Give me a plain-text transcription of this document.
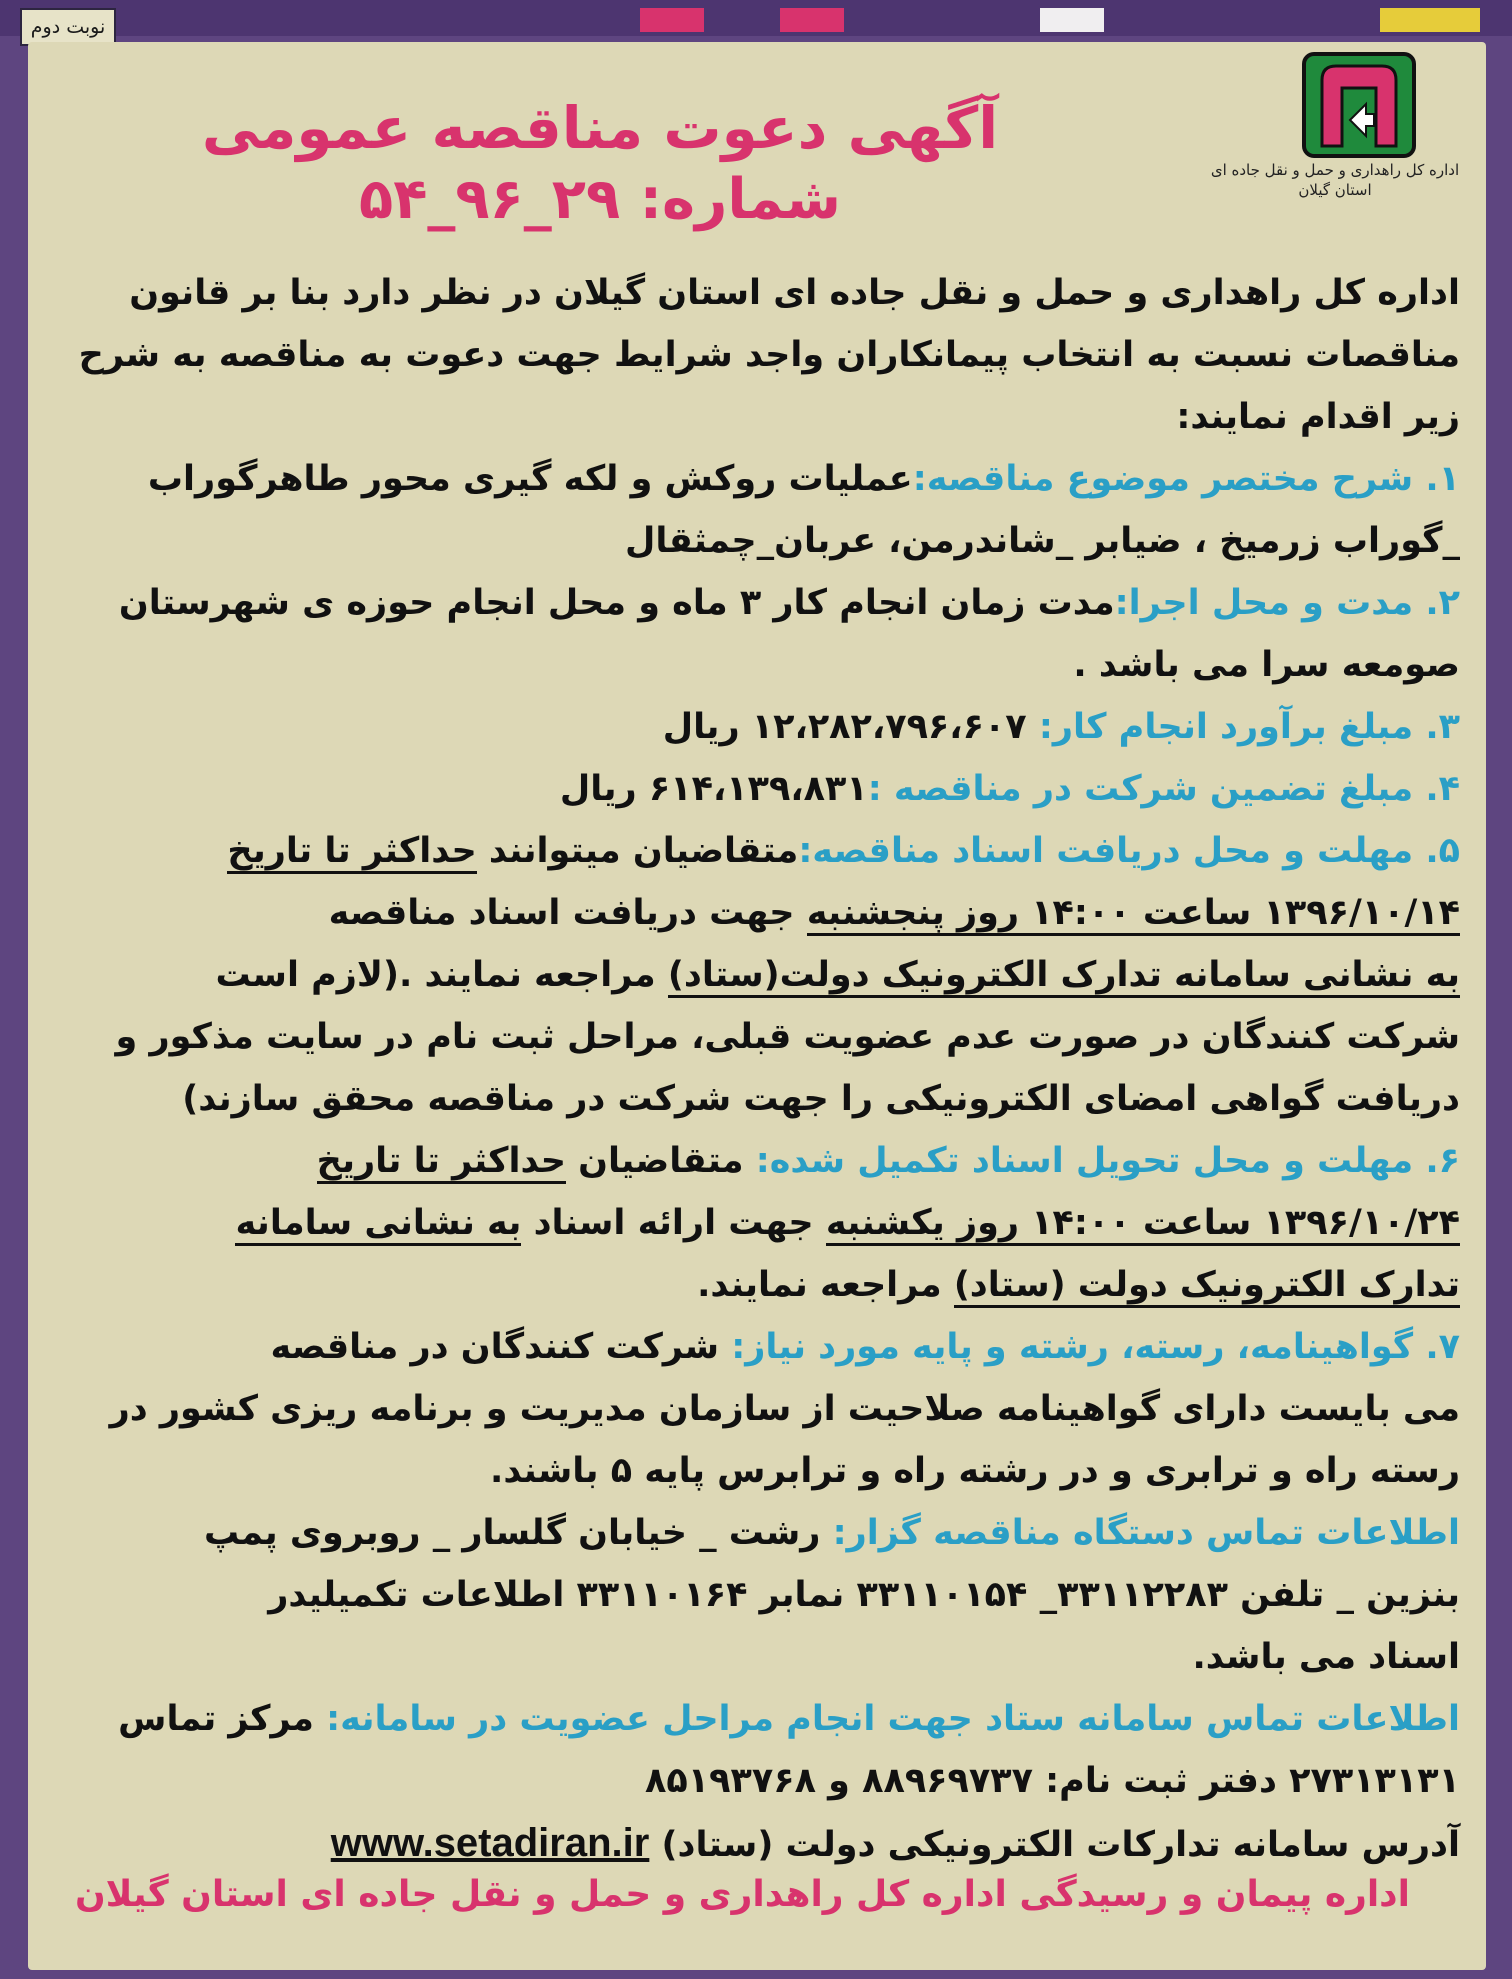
نوبت دوم
اداره کل راهداری و حمل و نقل جاده ای
استان گیلان
آگهی دعوت مناقصه عمومی
شماره: ۲۹_۹۶_۵۴

اداره کل راهداری و حمل و نقل جاده ای استان گیلان در نظر دارد بنا بر قانون

مناقصات نسبت به انتخاب پیمانکاران واجد شرایط جهت دعوت به مناقصه به شرح

زیر اقدام نمایند:

۱. شرح مختصر موضوع مناقصه:عملیات روکش و لکه گیری محور طاهرگوراب

_گوراب زرمیخ ، ضیابر _شاندرمن، عربان_چمثقال

۲. مدت و محل اجرا:مدت زمان انجام کار ۳ ماه و محل انجام حوزه ی شهرستان

صومعه سرا می باشد .

۳. مبلغ برآورد انجام کار: ۱۲،۲۸۲،۷۹۶،۶۰۷ ریال

۴. مبلغ تضمین شرکت در مناقصه :۶۱۴،۱۳۹،۸۳۱ ریال

۵. مهلت و محل دریافت اسناد مناقصه:متقاضیان میتوانند حداکثر تا تاریخ

۱۳۹۶/۱۰/۱۴ ساعت ۱۴:۰۰ روز پنجشنبه جهت دریافت اسناد مناقصه

به نشانی سامانه تدارک الکترونیک دولت(ستاد) مراجعه نمایند .(لازم است

شرکت کنندگان در صورت عدم عضویت قبلی، مراحل ثبت نام در سایت مذکور و

دریافت گواهی امضای الکترونیکی را جهت شرکت در مناقصه محقق سازند)

۶. مهلت و محل تحویل اسناد تکمیل شده: متقاضیان حداکثر تا تاریخ

۱۳۹۶/۱۰/۲۴ ساعت ۱۴:۰۰ روز یکشنبه جهت ارائه اسناد به نشانی سامانه

تدارک الکترونیک دولت (ستاد) مراجعه نمایند.

۷. گواهینامه، رسته، رشته و پایه مورد نیاز: شرکت کنندگان در مناقصه

می بایست دارای گواهینامه صلاحیت از سازمان مدیریت و برنامه ریزی کشور در

رسته راه و ترابری و در رشته راه و ترابرس پایه ۵ باشند.

اطلاعات تماس دستگاه مناقصه گزار: رشت _ خیابان گلسار _ روبروی پمپ

بنزین _ تلفن ۳۳۱۱۲۲۸۳_ ۳۳۱۱۰۱۵۴ نمابر ۳۳۱۱۰۱۶۴ اطلاعات تکمیلیدر

اسناد می باشد.

اطلاعات تماس سامانه ستاد جهت انجام مراحل عضویت در سامانه: مرکز تماس

۲۷۳۱۳۱۳۱ دفتر ثبت نام: ۸۸۹۶۹۷۳۷ و ۸۵۱۹۳۷۶۸

آدرس سامانه تدارکات الکترونیکی دولت (ستاد) www.setadiran.ir

اداره پیمان و رسیدگی اداره کل راهداری و حمل و نقل جاده ای استان گیلان
